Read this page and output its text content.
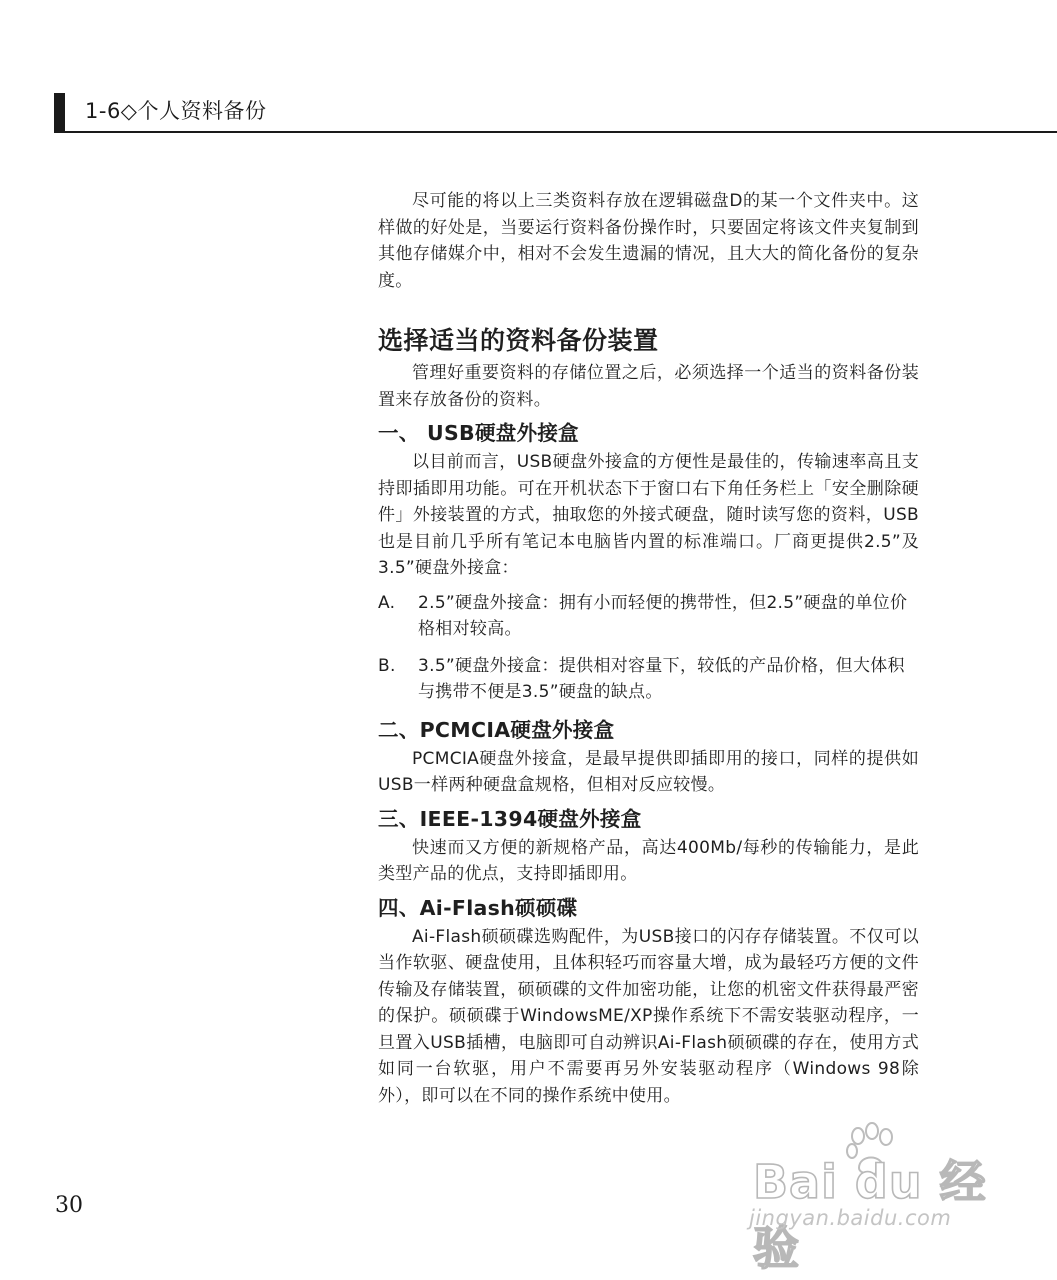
1-6◇个人资料备份

尽可能的将以上三类资料存放在逻辑磁盘D的某一个文件夹中。这样做的好处是，当要运行资料备份操作时，只要固定将该文件夹复制到其他存储媒介中，相对不会发生遗漏的情况，且大大的简化备份的复杂度。

选择适当的资料备份装置

管理好重要资料的存储位置之后，必须选择一个适当的资料备份装置来存放备份的资料。

一、 USB硬盘外接盒

以目前而言，USB硬盘外接盒的方便性是最佳的，传输速率高且支持即插即用功能。可在开机状态下于窗口右下角任务栏上「安全删除硬件」外接装置的方式，抽取您的外接式硬盘，随时读写您的资料，USB也是目前几乎所有笔记本电脑皆内置的标准端口。厂商更提供2.5”及3.5”硬盘外接盒：

A.	2.5”硬盘外接盒：拥有小而轻便的携带性，但2.5”硬盘的单位价格相对较高。
B.	3.5”硬盘外接盒：提供相对容量下，较低的产品价格，但大体积与携带不便是3.5”硬盘的缺点。
二、PCMCIA硬盘外接盒

PCMCIA硬盘外接盒，是最早提供即插即用的接口，同样的提供如USB一样两种硬盘盒规格，但相对反应较慢。

三、IEEE-1394硬盘外接盒

快速而又方便的新规格产品，高达400Mb/每秒的传输能力，是此类型产品的优点，支持即插即用。

四、Ai-Flash硕硕碟

Ai-Flash硕硕碟选购配件，为USB接口的闪存存储装置。不仅可以当作软驱、硬盘使用，且体积轻巧而容量大增，成为最轻巧方便的文件传输及存储装置，硕硕碟的文件加密功能，让您的机密文件获得最严密的保护。硕硕碟于WindowsME/XP操作系统下不需安装驱动程序，一旦置入USB插槽，电脑即可自动辨识Ai-Flash硕硕碟的存在，使用方式如同一台软驱，用户不需要再另外安装驱动程序（Windows 98除外），即可以在不同的操作系统中使用。

30	Bai du 经验
jingyan.baidu.com
